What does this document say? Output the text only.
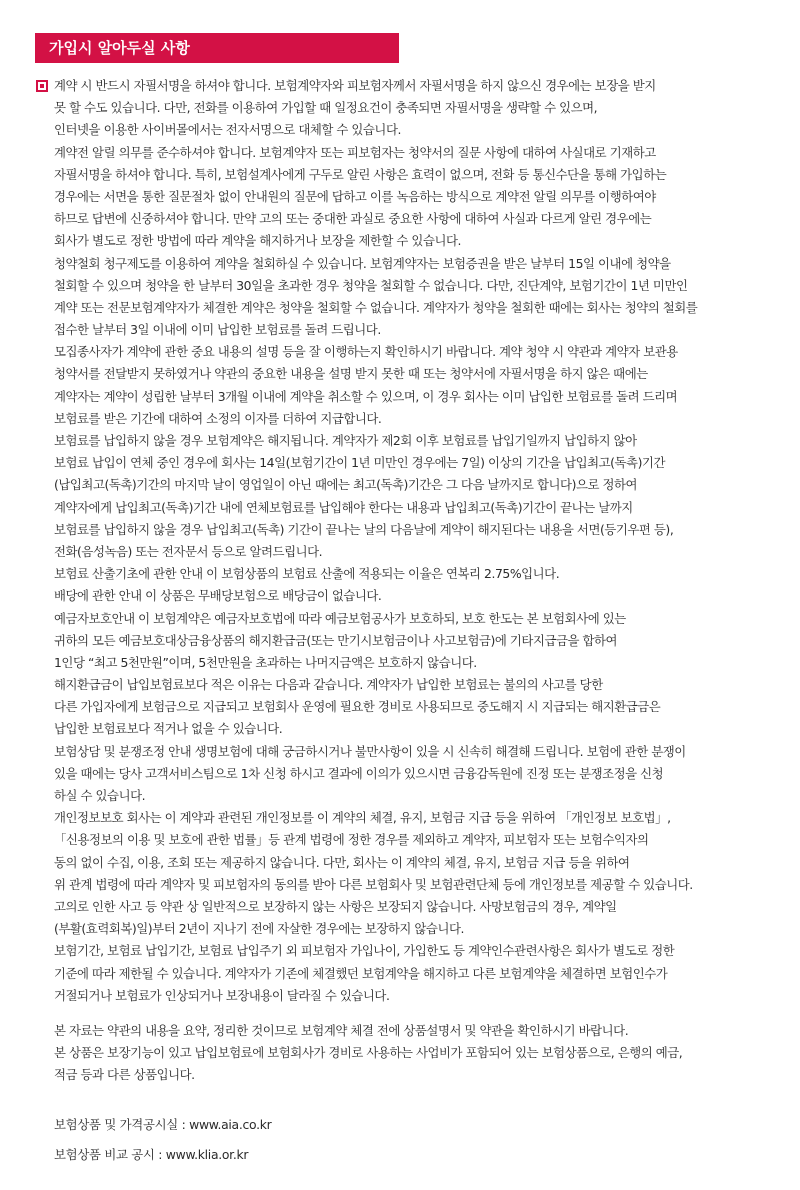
가입시 알아두실 사항
계약 시 반드시 자필서명을 하셔야 합니다. 보험계약자와 피보험자께서 자필서명을 하지 않으신 경우에는 보장을 받지
못 할 수도 있습니다. 다만, 전화를 이용하여 가입할 때 일정요건이 충족되면 자필서명을 생략할 수 있으며,
인터넷을 이용한 사이버몰에서는 전자서명으로 대체할 수 있습니다.
계약전 알릴 의무를 준수하셔야 합니다. 보험계약자 또는 피보험자는 청약서의 질문 사항에 대하여 사실대로 기재하고
자필서명을 하셔야 합니다. 특히, 보험설계사에게 구두로 알린 사항은 효력이 없으며, 전화 등 통신수단을 통해 가입하는
경우에는 서면을 통한 질문절차 없이 안내원의 질문에 답하고 이를 녹음하는 방식으로 계약전 알릴 의무를 이행하여야
하므로 답변에 신중하셔야 합니다. 만약 고의 또는 중대한 과실로 중요한 사항에 대하여 사실과 다르게 알린 경우에는
회사가 별도로 정한 방법에 따라 계약을 해지하거나 보장을 제한할 수 있습니다.
청약철회 청구제도를 이용하여 계약을 철회하실 수 있습니다. 보험계약자는 보험증권을 받은 날부터 15일 이내에 청약을
철회할 수 있으며 청약을 한 날부터 30일을 초과한 경우 청약을 철회할 수 없습니다. 다만, 진단계약, 보험기간이 1년 미만인
계약 또는 전문보험계약자가 체결한 계약은 청약을 철회할 수 없습니다. 계약자가 청약을 철회한 때에는 회사는 청약의 철회를
접수한 날부터 3일 이내에 이미 납입한 보험료를 돌려 드립니다.
모집종사자가 계약에 관한 중요 내용의 설명 등을 잘 이행하는지 확인하시기 바랍니다. 계약 청약 시 약관과 계약자 보관용
청약서를 전달받지 못하였거나 약관의 중요한 내용을 설명 받지 못한 때 또는 청약서에 자필서명을 하지 않은 때에는
계약자는 계약이 성립한 날부터 3개월 이내에 계약을 취소할 수 있으며, 이 경우 회사는 이미 납입한 보험료를 돌려 드리며
보험료를 받은 기간에 대하여 소정의 이자를 더하여 지급합니다.
보험료를 납입하지 않을 경우 보험계약은 해지됩니다. 계약자가 제2회 이후 보험료를 납입기일까지 납입하지 않아
보험료 납입이 연체 중인 경우에 회사는 14일(보험기간이 1년 미만인 경우에는 7일) 이상의 기간을 납입최고(독촉)기간
(납입최고(독촉)기간의 마지막 날이 영업일이 아닌 때에는 최고(독촉)기간은 그 다음 날까지로 합니다)으로 정하여
계약자에게 납입최고(독촉)기간 내에 연체보험료를 납입해야 한다는 내용과 납입최고(독촉)기간이 끝나는 날까지
보험료를 납입하지 않을 경우 납입최고(독촉) 기간이 끝나는 날의 다음날에 계약이 해지된다는 내용을 서면(등기우편 등),
전화(음성녹음) 또는 전자문서 등으로 알려드립니다.
보험료 산출기초에 관한 안내 이 보험상품의 보험료 산출에 적용되는 이율은 연복리 2.75%입니다.
배당에 관한 안내 이 상품은 무배당보험으로 배당금이 없습니다.
예금자보호안내 이 보험계약은 예금자보호법에 따라 예금보험공사가 보호하되, 보호 한도는 본 보험회사에 있는
귀하의 모든 예금보호대상금융상품의 해지환급금(또는 만기시보험금이나 사고보험금)에 기타지급금을 합하여
1인당 “최고 5천만원”이며, 5천만원을 초과하는 나머지금액은 보호하지 않습니다.
해지환급금이 납입보험료보다 적은 이유는 다음과 같습니다. 계약자가 납입한 보험료는 불의의 사고를 당한
다른 가입자에게 보험금으로 지급되고 보험회사 운영에 필요한 경비로 사용되므로 중도해지 시 지급되는 해지환급금은
납입한 보험료보다 적거나 없을 수 있습니다.
보험상담 및 분쟁조정 안내 생명보험에 대해 궁금하시거나 불만사항이 있을 시 신속히 해결해 드립니다. 보험에 관한 분쟁이
있을 때에는 당사 고객서비스팀으로 1차 신청 하시고 결과에 이의가 있으시면 금융감독원에 진정 또는 분쟁조정을 신청
하실 수 있습니다.
개인정보보호 회사는 이 계약과 관련된 개인정보를 이 계약의 체결, 유지, 보험금 지급 등을 위하여 「개인정보 보호법」,
「신용정보의 이용 및 보호에 관한 법률」등 관계 법령에 정한 경우를 제외하고 계약자, 피보험자 또는 보험수익자의
동의 없이 수집, 이용, 조회 또는 제공하지 않습니다. 다만, 회사는 이 계약의 체결, 유지, 보험금 지급 등을 위하여
위 관계 법령에 따라 계약자 및 피보험자의 동의를 받아 다른 보험회사 및 보험관련단체 등에 개인정보를 제공할 수 있습니다.
고의로 인한 사고 등 약관 상 일반적으로 보장하지 않는 사항은 보장되지 않습니다. 사망보험금의 경우, 계약일
(부활(효력회복)일)부터 2년이 지나기 전에 자살한 경우에는 보장하지 않습니다.
보험기간, 보험료 납입기간, 보험료 납입주기 외 피보험자 가입나이, 가입한도 등 계약인수관련사항은 회사가 별도로 정한
기준에 따라 제한될 수 있습니다. 계약자가 기존에 체결했던 보험계약을 해지하고 다른 보험계약을 체결하면 보험인수가
거절되거나 보험료가 인상되거나 보장내용이 달라질 수 있습니다.
본 자료는 약관의 내용을 요약, 정리한 것이므로 보험계약 체결 전에 상품설명서 및 약관을 확인하시기 바랍니다.
본 상품은 보장기능이 있고 납입보험료에 보험회사가 경비로 사용하는 사업비가 포함되어 있는 보험상품으로, 은행의 예금,
적금 등과 다른 상품입니다.
보험상품 및 가격공시실 : www.aia.co.kr
보험상품 비교 공시 : www.klia.or.kr
